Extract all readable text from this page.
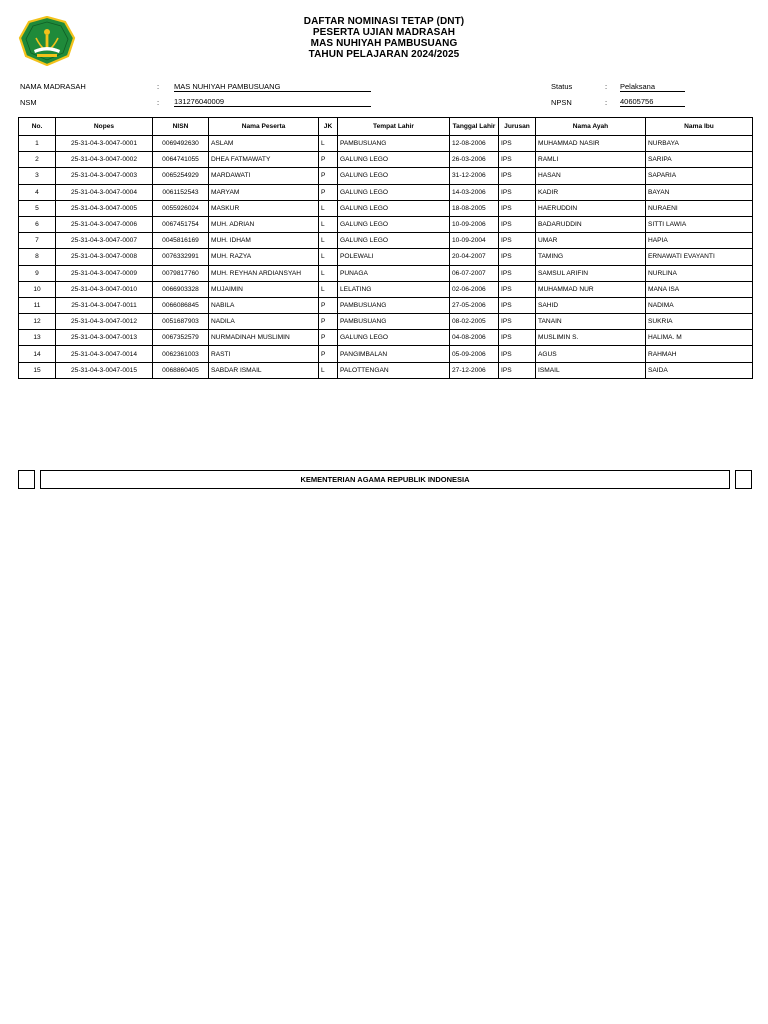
DAFTAR NOMINASI TETAP (DNT)
PESERTA UJIAN MADRASAH
MAS NUHIYAH PAMBUSUANG
TAHUN PELAJARAN 2024/2025
NAMA MADRASAH	: MAS NUHIYAH PAMBUSUANG
NSM	: 131276040009
Status	: Pelaksana
NPSN	: 40605756
No.	Nopes	NISN	Nama Peserta	JK	Tempat Lahir	Tanggal Lahir	Jurusan	Nama Ayah	Nama Ibu
1	25-31-04-3-0047-0001	0069492630	ASLAM	L	PAMBUSUANG	12-08-2006	IPS	MUHAMMAD NASIR	NURBAYA
2	25-31-04-3-0047-0002	0064741055	DHEA FATMAWATY	P	GALUNG LEGO	26-03-2006	IPS	RAMLI	SARIPA
3	25-31-04-3-0047-0003	0065254929	MARDAWATI	P	GALUNG LEGO	31-12-2006	IPS	HASAN	SAPARIA
4	25-31-04-3-0047-0004	0061152543	MARYAM	P	GALUNG LEGO	14-03-2006	IPS	KADIR	BAYAN
5	25-31-04-3-0047-0005	0055926024	MASKUR	L	GALUNG LEGO	18-08-2005	IPS	HAERUDDIN	NURAENI
6	25-31-04-3-0047-0006	0067451754	MUH. ADRIAN	L	GALUNG LEGO	10-09-2006	IPS	BADARUDDIN	SITTI LAWIA
7	25-31-04-3-0047-0007	0045816169	MUH. IDHAM	L	GALUNG LEGO	10-09-2004	IPS	UMAR	HAPIA
8	25-31-04-3-0047-0008	0076332991	MUH. RAZYA	L	POLEWALI	20-04-2007	IPS	TAMING	ERNAWATI EVAYANTI
9	25-31-04-3-0047-0009	0079817760	MUH. REYHAN ARDIANSYAH	L	PUNAGA	06-07-2007	IPS	SAMSUL ARIFIN	NURLINA
10	25-31-04-3-0047-0010	0066903328	MUJAIMIN	L	LELATING	02-06-2006	IPS	MUHAMMAD NUR	MANA ISA
11	25-31-04-3-0047-0011	0066086845	NABILA	P	PAMBUSUANG	27-05-2006	IPS	SAHID	NADIMA
12	25-31-04-3-0047-0012	0051687903	NADILA	P	PAMBUSUANG	08-02-2005	IPS	TANAIN	SUKRIA
13	25-31-04-3-0047-0013	0067352579	NURMADINAH MUSLIMIN	P	GALUNG LEGO	04-08-2006	IPS	MUSLIMIN S.	HALIMA. M
14	25-31-04-3-0047-0014	0062361003	RASTI	P	PANGIMBALAN	05-09-2006	IPS	AGUS	RAHMAH
15	25-31-04-3-0047-0015	0068860405	SABDAR ISMAIL	L	PALOTTENGAN	27-12-2006	IPS	ISMAIL	SAIDA
KEMENTERIAN AGAMA REPUBLIK INDONESIA
